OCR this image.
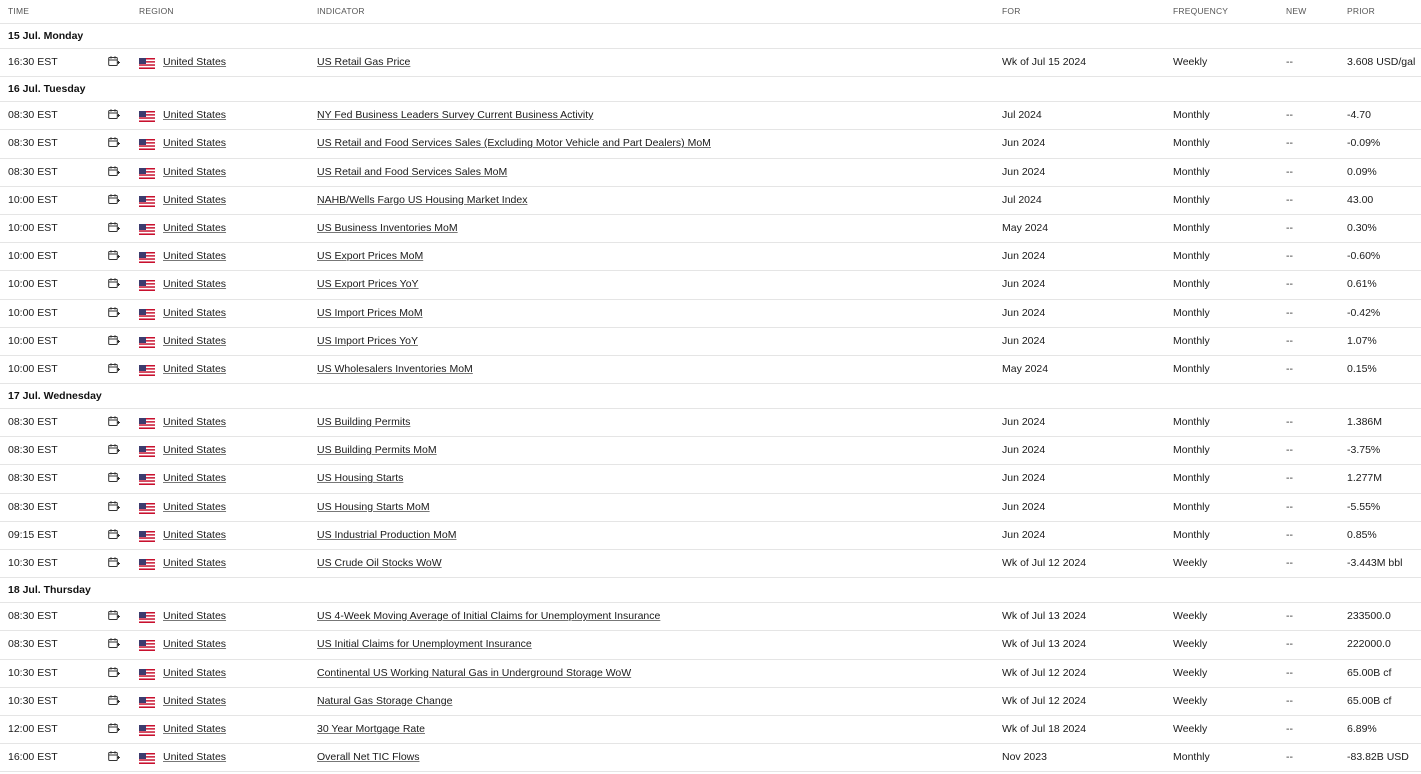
TIME	REGION	INDICATOR	FOR	FREQUENCY	NEW	PRIOR
15 Jul. Monday
16:30 EST	United States	US Retail Gas Price	Wk of Jul 15 2024	Weekly	--	3.608 USD/gal
16 Jul. Tuesday
08:30 EST	United States	NY Fed Business Leaders Survey Current Business Activity	Jul 2024	Monthly	--	-4.70
08:30 EST	United States	US Retail and Food Services Sales (Excluding Motor Vehicle and Part Dealers) MoM	Jun 2024	Monthly	--	-0.09%
08:30 EST	United States	US Retail and Food Services Sales MoM	Jun 2024	Monthly	--	0.09%
10:00 EST	United States	NAHB/Wells Fargo US Housing Market Index	Jul 2024	Monthly	--	43.00
10:00 EST	United States	US Business Inventories MoM	May 2024	Monthly	--	0.30%
10:00 EST	United States	US Export Prices MoM	Jun 2024	Monthly	--	-0.60%
10:00 EST	United States	US Export Prices YoY	Jun 2024	Monthly	--	0.61%
10:00 EST	United States	US Import Prices MoM	Jun 2024	Monthly	--	-0.42%
10:00 EST	United States	US Import Prices YoY	Jun 2024	Monthly	--	1.07%
10:00 EST	United States	US Wholesalers Inventories MoM	May 2024	Monthly	--	0.15%
17 Jul. Wednesday
08:30 EST	United States	US Building Permits	Jun 2024	Monthly	--	1.386M
08:30 EST	United States	US Building Permits MoM	Jun 2024	Monthly	--	-3.75%
08:30 EST	United States	US Housing Starts	Jun 2024	Monthly	--	1.277M
08:30 EST	United States	US Housing Starts MoM	Jun 2024	Monthly	--	-5.55%
09:15 EST	United States	US Industrial Production MoM	Jun 2024	Monthly	--	0.85%
10:30 EST	United States	US Crude Oil Stocks WoW	Wk of Jul 12 2024	Weekly	--	-3.443M bbl
18 Jul. Thursday
08:30 EST	United States	US 4-Week Moving Average of Initial Claims for Unemployment Insurance	Wk of Jul 13 2024	Weekly	--	233500.0
08:30 EST	United States	US Initial Claims for Unemployment Insurance	Wk of Jul 13 2024	Weekly	--	222000.0
10:30 EST	United States	Continental US Working Natural Gas in Underground Storage WoW	Wk of Jul 12 2024	Weekly	--	65.00B cf
10:30 EST	United States	Natural Gas Storage Change	Wk of Jul 12 2024	Weekly	--	65.00B cf
12:00 EST	United States	30 Year Mortgage Rate	Wk of Jul 18 2024	Weekly	--	6.89%
16:00 EST	United States	Overall Net TIC Flows	Nov 2023	Monthly	--	-83.82B USD
